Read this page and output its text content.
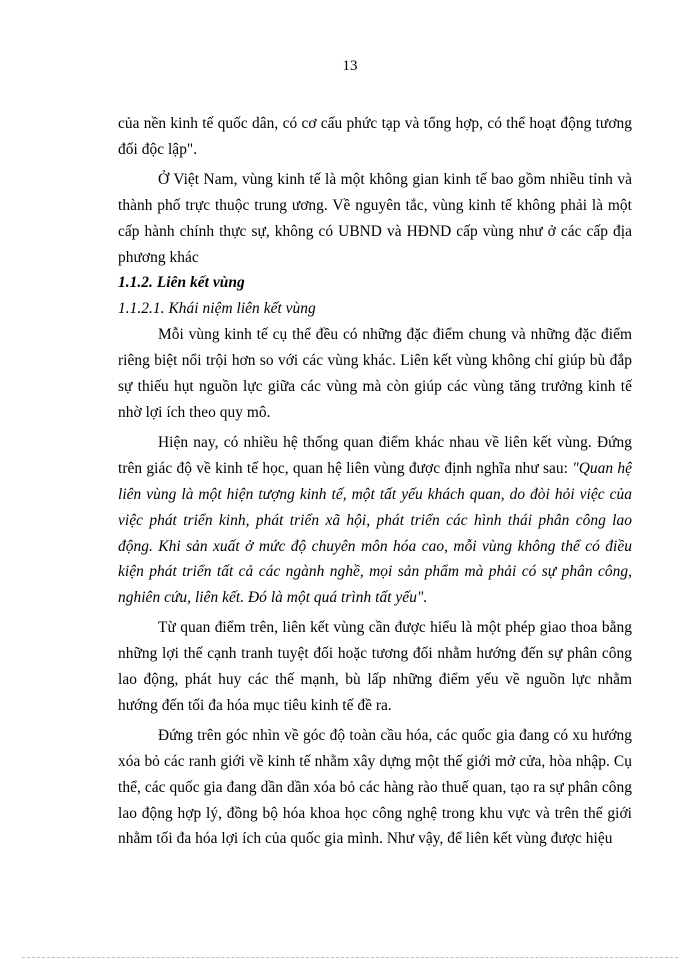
13

của nền kinh tế quốc dân, có cơ cấu phức tạp và tổng hợp, có thể hoạt động tương đối độc lập".

Ở Việt Nam, vùng kinh tế là một không gian kinh tế bao gồm nhiều tỉnh và thành phố trực thuộc trung ương. Về nguyên tắc, vùng kinh tế không phải là một cấp hành chính thực sự, không có UBND và HĐND cấp vùng như ở các cấp địa phương khác

1.1.2. Liên kết vùng

1.1.2.1. Khái niệm liên kết vùng

Mỗi vùng kinh tế cụ thể đều có những đặc điểm chung và những đặc điểm riêng biệt nổi trội hơn so với các vùng khác. Liên kết vùng không chỉ giúp bù đắp sự thiếu hụt nguồn lực giữa các vùng mà còn giúp các vùng tăng trưởng kinh tế nhờ lợi ích theo quy mô.

Hiện nay, có nhiều hệ thống quan điểm khác nhau về liên kết vùng. Đứng trên giác độ về kinh tế học, quan hệ liên vùng được định nghĩa như sau: "Quan hệ liên vùng là một hiện tượng kinh tế, một tất yếu khách quan, do đòi hỏi việc của việc phát triển kinh, phát triển xã hội, phát triển các hình thái phân công lao động. Khi sản xuất ở mức độ chuyên môn hóa cao, mỗi vùng không thể có điều kiện phát triển tất cả các ngành nghề, mọi sản phẩm mà phải có sự phân công, nghiên cứu, liên kết. Đó là một quá trình tất yếu".

Từ quan điểm trên, liên kết vùng cần được hiểu là một phép giao thoa bằng những lợi thế cạnh tranh tuyệt đối hoặc tương đối nhằm hướng đến sự phân công lao động, phát huy các thế mạnh, bù lấp những điểm yếu về nguồn lực nhằm hướng đến tối đa hóa mục tiêu kinh tế đề ra.

Đứng trên góc nhìn về góc độ toàn cầu hóa, các quốc gia đang có xu hướng xóa bỏ các ranh giới về kinh tế nhằm xây dựng một thế giới mở cửa, hòa nhập. Cụ thể, các quốc gia đang dần dần xóa bỏ các hàng rào thuế quan, tạo ra sự phân công lao động hợp lý, đồng bộ hóa khoa học công nghệ trong khu vực và trên thế giới nhằm tối đa hóa lợi ích của quốc gia mình. Như vậy, để liên kết vùng được hiệu
